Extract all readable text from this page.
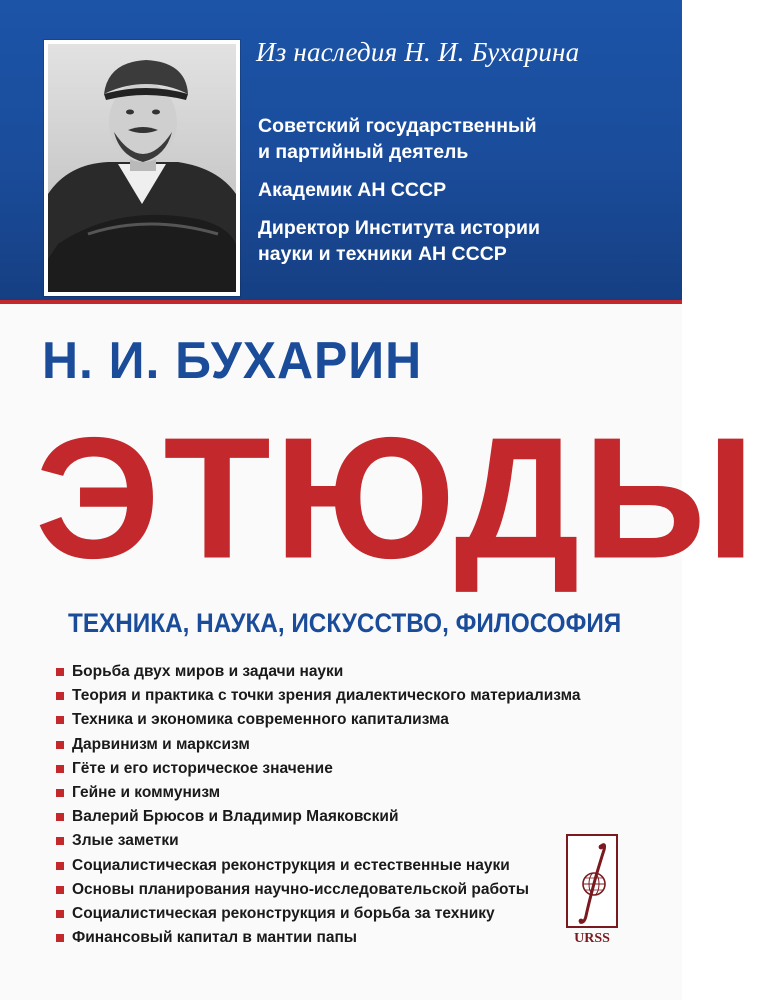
Из наследия Н. И. Бухарина
Советский государственный
и партийный деятель
Академик АН СССР
Директор Института истории
науки и техники АН СССР
Н. И. БУХАРИН
ЭТЮДЫ
ТЕХНИКА, НАУКА, ИСКУССТВО, ФИЛОСОФИЯ
Борьба двух миров и задачи науки
Теория и практика с точки зрения диалектического материализма
Техника и экономика современного капитализма
Дарвинизм и марксизм
Гёте и его историческое значение
Гейне и коммунизм
Валерий Брюсов и Владимир Маяковский
Злые заметки
Социалистическая реконструкция и естественные науки
Основы планирования научно-исследовательской работы
Социалистическая реконструкция и борьба за технику
Финансовый капитал в мантии папы	URSS
